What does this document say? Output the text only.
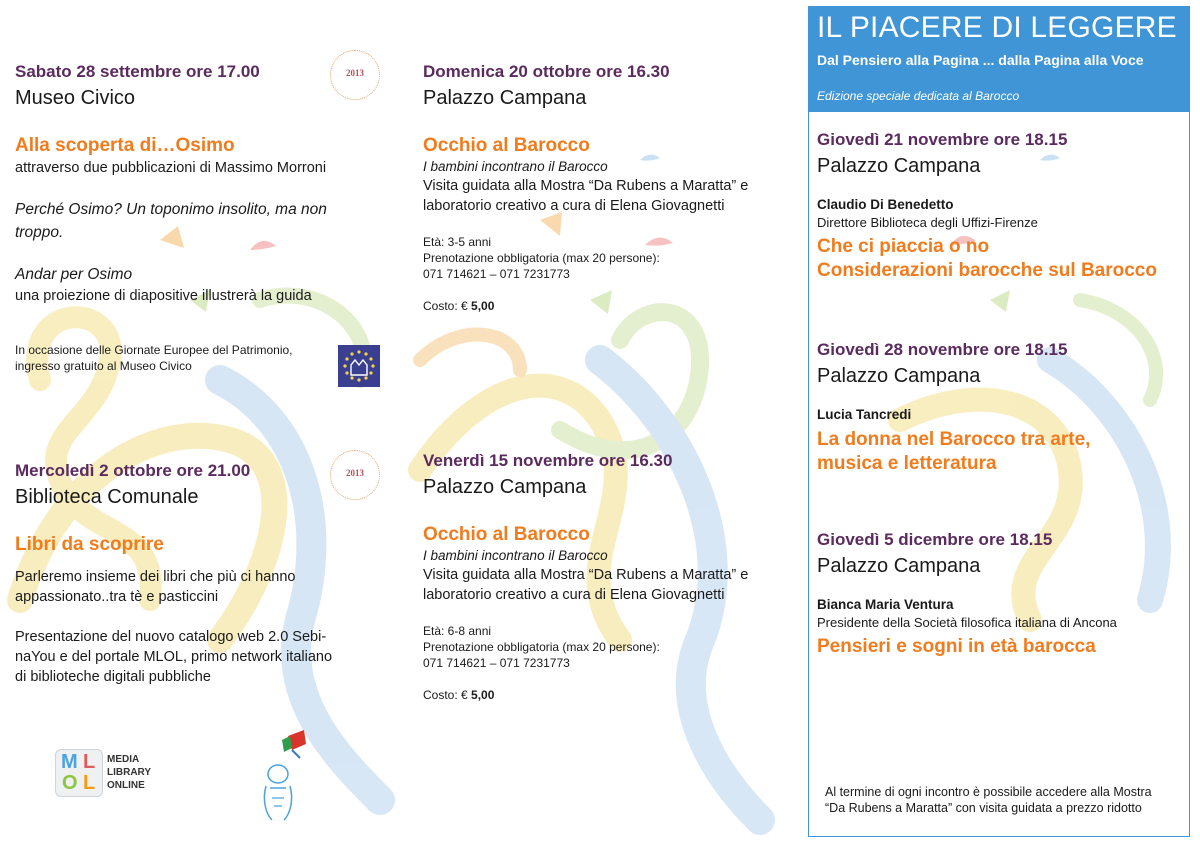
IL PIACERE DI LEGGERE
Dal Pensiero alla Pagina ... dalla Pagina alla Voce
Edizione speciale dedicata al Barocco
Sabato 28 settembre ore 17.00
Museo Civico
Alla scoperta di…Osimo
attraverso due pubblicazioni di Massimo Morroni
Perché Osimo? Un toponimo insolito, ma non
troppo.
Andar per Osimo
una proiezione di diapositive illustrerà la guida
In occasione delle Giornate Europee del Patrimonio,
ingresso gratuito al Museo Civico
2013
Mercoledì 2 ottobre ore 21.00
Biblioteca Comunale
Libri da scoprire
Parleremo insieme dei libri che più ci hanno
appassionato..tra tè e pasticcini
Presentazione del nuovo catalogo web 2.0 Sebi-
naYou e del portale MLOL, primo network italiano
di biblioteche digitali pubbliche
2013
M L
O L
MEDIA
LIBRARY
ONLINE
Domenica 20 ottobre ore 16.30
Palazzo Campana
Occhio al Barocco
I bambini incontrano il Barocco
Visita guidata alla Mostra “Da Rubens a Maratta” e
laboratorio creativo a cura di Elena Giovagnetti
Età: 3-5 anni
Prenotazione obbligatoria (max 20 persone):
071 714621 – 071 7231773
Costo: € 5,00
Venerdì 15 novembre ore 16.30
Palazzo Campana
Occhio al Barocco
I bambini incontrano il Barocco
Visita guidata alla Mostra “Da Rubens a Maratta” e
laboratorio creativo a cura di Elena Giovagnetti
Età: 6-8 anni
Prenotazione obbligatoria (max 20 persone):
071 714621 – 071 7231773
Costo: € 5,00
Giovedì 21 novembre ore 18.15
Palazzo Campana
Claudio Di Benedetto
Direttore Biblioteca degli Uffizi-Firenze
Che ci piaccia o no
Considerazioni barocche sul Barocco
Giovedì 28 novembre ore 18.15
Palazzo Campana
Lucia Tancredi
La donna nel Barocco tra arte,
musica e letteratura
Giovedì 5 dicembre ore 18.15
Palazzo Campana
Bianca Maria Ventura
Presidente della Società filosofica italiana di Ancona
Pensieri e sogni in età barocca
Al termine di ogni incontro è possibile accedere alla Mostra
“Da Rubens a Maratta” con visita guidata a prezzo ridotto
